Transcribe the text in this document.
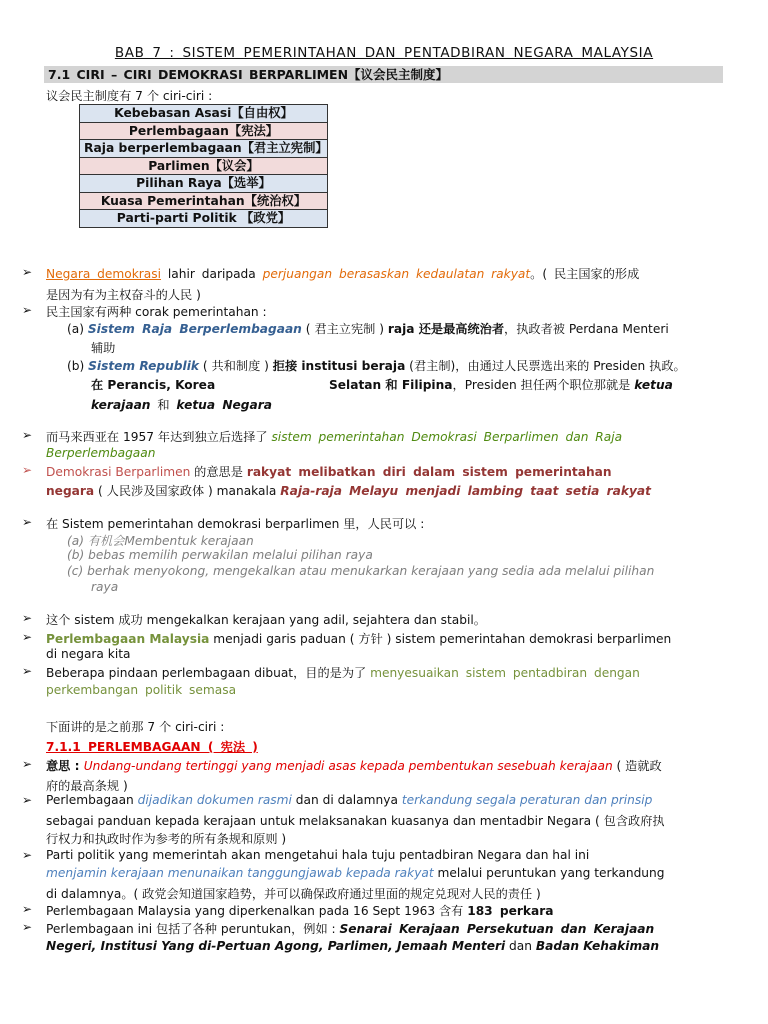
BAB 7 : SISTEM PEMERINTAHAN DAN PENTADBIRAN NEGARA MALAYSIA
7.1 CIRI – CIRI DEMOKRASI BERPARLIMEN【议会民主制度】
议会民主制度有 7 个 ciri-ciri :
Kebebasan Asasi【自由权】
Perlembagaan【宪法】
Raja berperlembagaan【君主立宪制】
Parlimen【议会】
Pilihan Raya【选举】
Kuasa Pemerintahan【统治权】
Parti-parti Politik 【政党】
➢ Negara demokrasi lahir daripada perjuangan berasaskan kedaulatan rakyat。( 民主国家的形成
是因为有为主权奋斗的人民 )
➢ 民主国家有两种 corak pemerintahan :
(a) Sistem Raja Berperlembagaan ( 君主立宪制 ) raja 还是最高统治者，执政者被 Perdana Menteri
辅助
(b) Sistem Republik ( 共和制度 ) 拒接 institusi beraja (君主制)，由通过人民票选出来的 Presiden 执政。
在 Perancis, Korea	Selatan 和 Filipina，Presiden 担任两个职位那就是 ketua
kerajaan 和 ketua Negara
➢ 而马来西亚在 1957 年达到独立后选择了 sistem pemerintahan Demokrasi Berparlimen dan Raja
Berperlembagaan
➢ Demokrasi Berparlimen 的意思是 rakyat melibatkan diri dalam sistem pemerintahan
negara ( 人民涉及国家政体 ) manakala Raja-raja Melayu menjadi lambing taat setia rakyat
➢ 在 Sistem pemerintahan demokrasi berparlimen 里，人民可以 :
(a) 有机会Membentuk kerajaan
(b) bebas memilih perwakilan melalui pilihan raya
(c) berhak menyokong, mengekalkan atau menukarkan kerajaan yang sedia ada melalui pilihan
raya
➢ 这个 sistem 成功 mengekalkan kerajaan yang adil, sejahtera dan stabil。
➢ Perlembagaan Malaysia menjadi garis paduan ( 方针 ) sistem pemerintahan demokrasi berparlimen
di negara kita
➢ Beberapa pindaan perlembagaan dibuat，目的是为了 menyesuaikan sistem pentadbiran dengan
perkembangan politik semasa
下面讲的是之前那 7 个 ciri-ciri :
7.1.1 PERLEMBAGAAN ( 宪法 )
➢ 意思 : Undang-undang tertinggi yang menjadi asas kepada pembentukan sesebuah kerajaan ( 造就政
府的最高条规 )
➢ Perlembagaan dijadikan dokumen rasmi dan di dalamnya terkandung segala peraturan dan prinsip
sebagai panduan kepada kerajaan untuk melaksanakan kuasanya dan mentadbir Negara ( 包含政府执
行权力和执政时作为参考的所有条规和原则 )
➢ Parti politik yang memerintah akan mengetahui hala tuju pentadbiran Negara dan hal ini
menjamin kerajaan menunaikan tanggungjawab kepada rakyat melalui peruntukan yang terkandung
di dalamnya。( 政党会知道国家趋势，并可以确保政府通过里面的规定兑现对人民的责任 )
➢ Perlembagaan Malaysia yang diperkenalkan pada 16 Sept 1963 含有 183 perkara
➢ Perlembagaan ini 包括了各种 peruntukan，例如 : Senarai Kerajaan Persekutuan dan Kerajaan
Negeri, Institusi Yang di-Pertuan Agong, Parlimen, Jemaah Menteri dan Badan Kehakiman
